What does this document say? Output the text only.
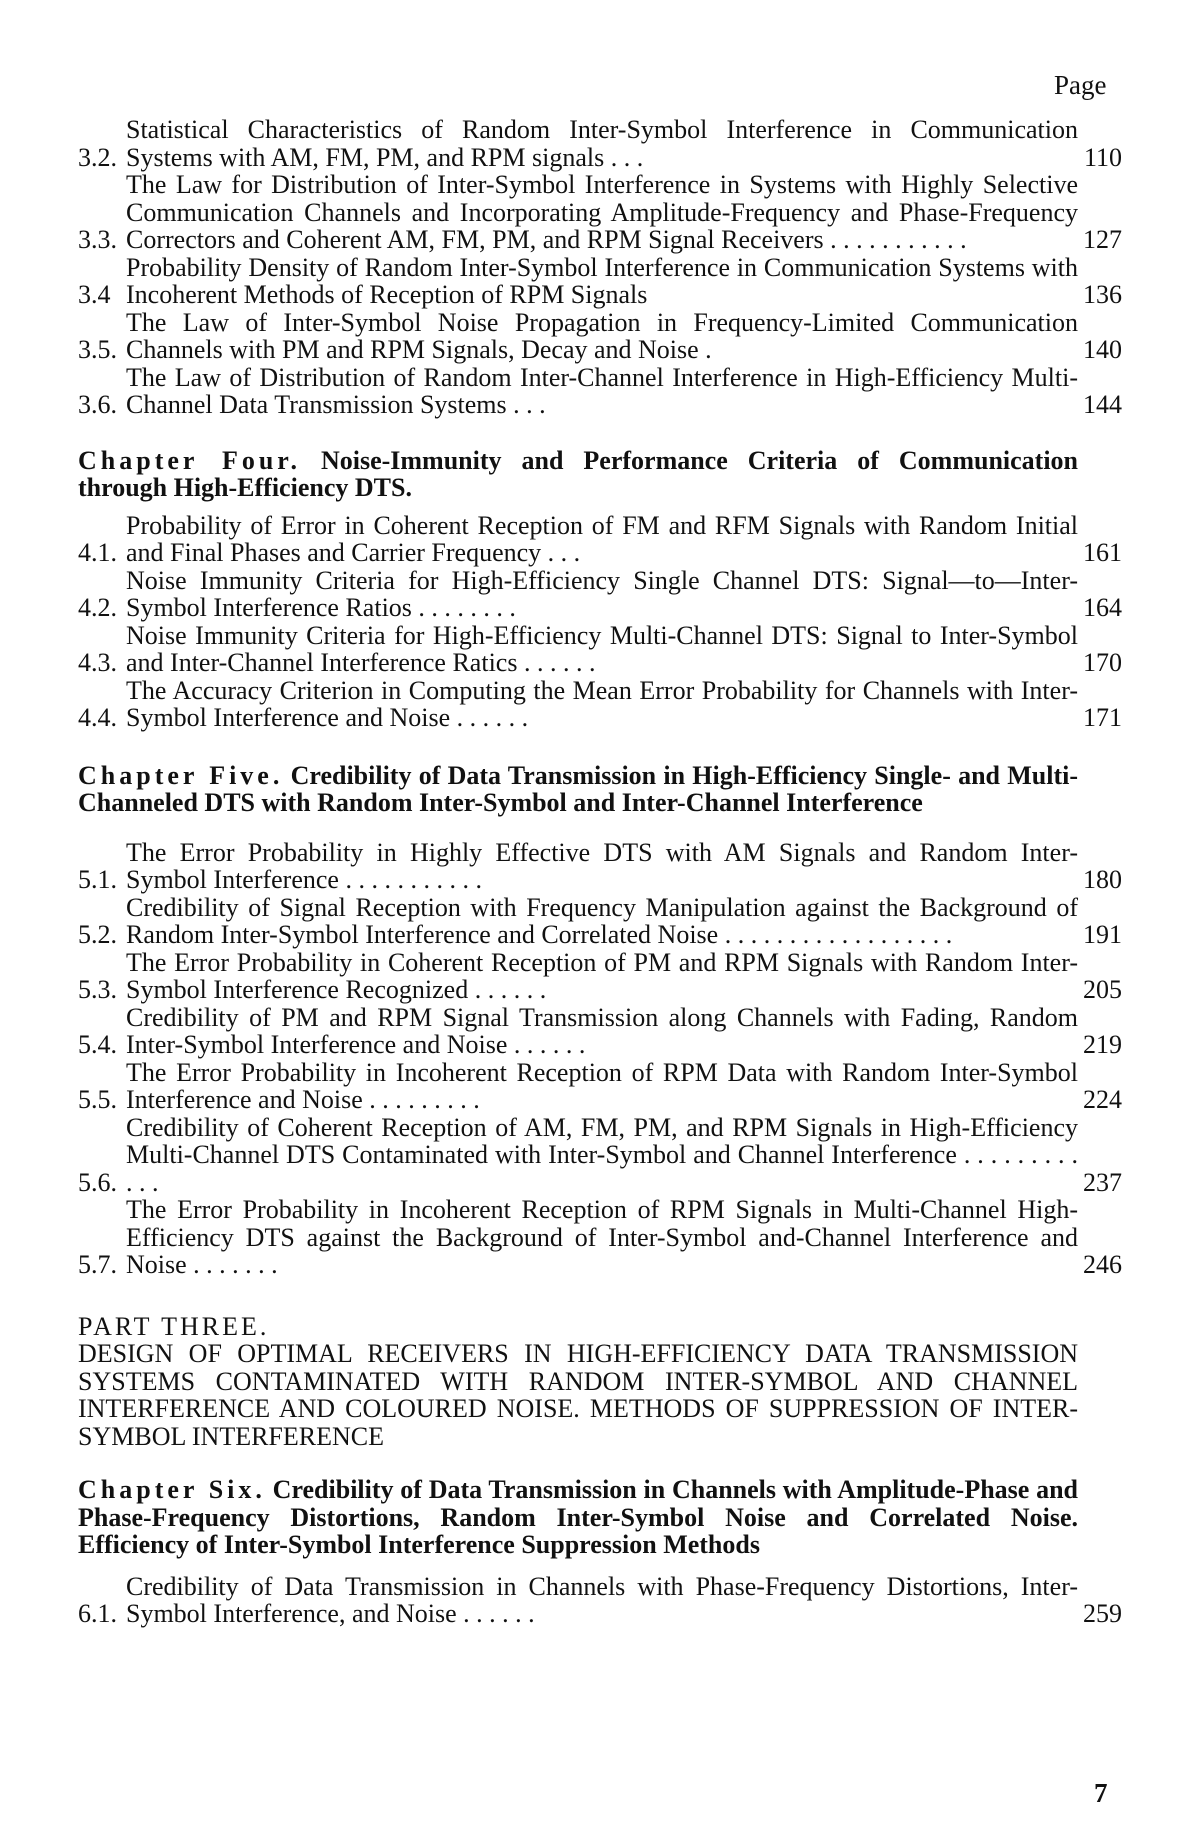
Page
3.2.
Statistical Characteristics of Random Inter-Symbol Interference in Communication Systems with AM, FM, PM, and RPM signals . . .	110
3.3.
The Law for Distribution of Inter-Symbol Interference in Systems with Highly Selective Communication Channels and Incorporating Amplitude-Frequency and Phase-Frequency Correctors and Coherent AM, FM, PM, and RPM Signal Receivers . . . . . . . . . . .	127
3.4
Probability Density of Random Inter-Symbol Interference in Communication Systems with Incoherent Methods of Reception of RPM Signals	136
3.5.
The Law of Inter-Symbol Noise Propagation in Frequency-Limited Communication Channels with PM and RPM Signals, Decay and Noise .	140
3.6.
The Law of Distribution of Random Inter-Channel Interference in High-Efficiency Multi-Channel Data Transmission Systems . . .	144
Chapter Four. Noise-Immunity and Performance Criteria of Communication through High-Efficiency DTS.
4.1.
Probability of Error in Coherent Reception of FM and RFM Signals with Random Initial and Final Phases and Carrier Frequency . . .	161
4.2.
Noise Immunity Criteria for High-Efficiency Single Channel DTS: Signal—to—Inter-Symbol Interference Ratios . . . . . . . .	164
4.3.
Noise Immunity Criteria for High-Efficiency Multi-Channel DTS: Signal to Inter-Symbol and Inter-Channel Interference Ratics . . . . . .	170
4.4.
The Accuracy Criterion in Computing the Mean Error Probability for Channels with Inter-Symbol Interference and Noise . . . . . .	171
Chapter Five. Credibility of Data Transmission in High-Efficiency Single- and Multi-Channeled DTS with Random Inter-Symbol and Inter-Channel Interference
5.1.
The Error Probability in Highly Effective DTS with AM Signals and Random Inter-Symbol Interference . . . . . . . . . . .	180
5.2.
Credibility of Signal Reception with Frequency Manipulation against the Background of Random Inter-Symbol Interference and Correlated Noise . . . . . . . . . . . . . . . . . .	191
5.3.
The Error Probability in Coherent Reception of PM and RPM Signals with Random Inter-Symbol Interference Recognized . . . . . .	205
5.4.
Credibility of PM and RPM Signal Transmission along Channels with Fading, Random Inter-Symbol Interference and Noise . . . . . .	219
5.5.
The Error Probability in Incoherent Reception of RPM Data with Random Inter-Symbol Interference and Noise . . . . . . . . .	224
5.6.
Credibility of Coherent Reception of AM, FM, PM, and RPM Signals in High-Efficiency Multi-Channel DTS Contaminated with Inter-Symbol and Channel Interference . . . . . . . . . . . .	237
5.7.
The Error Probability in Incoherent Reception of RPM Signals in Multi-Channel High-Efficiency DTS against the Background of Inter-Symbol and-Channel Interference and Noise . . . . . . .	246
PART THREE.
DESIGN OF OPTIMAL RECEIVERS IN HIGH-EFFICIENCY DATA TRANSMISSION SYSTEMS CONTAMINATED WITH RANDOM INTER-SYMBOL AND CHANNEL INTERFERENCE AND COLOURED NOISE. METHODS OF SUPPRESSION OF INTER-SYMBOL INTERFERENCE
Chapter Six. Credibility of Data Transmission in Channels with Amplitude-Phase and Phase-Frequency Distortions, Random Inter-Symbol Noise and Correlated Noise. Efficiency of Inter-Symbol Interference Suppression Methods
6.1.
Credibility of Data Transmission in Channels with Phase-Frequency Distortions, Inter-Symbol Interference, and Noise . . . . . .	259
7
